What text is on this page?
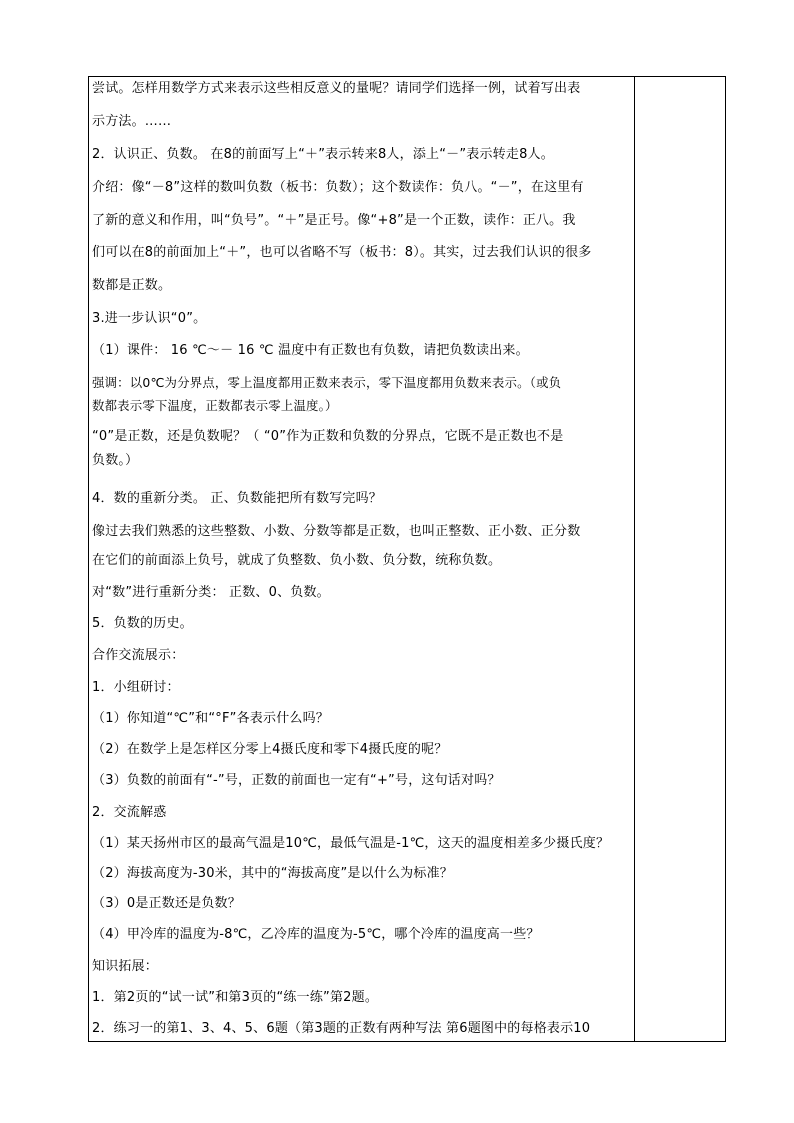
尝试。怎样用数学方式来表示这些相反意义的量呢？请同学们选择一例，试着写出表
示方法。……
2．认识正、负数。 在8的前面写上“＋”表示转来8人，添上“－”表示转走8人。
介绍：像“－8”这样的数叫负数（板书：负数）；这个数读作：负八。“－”，在这里有
了新的意义和作用，叫“负号”。“＋”是正号。像“+8”是一个正数，读作：正八。我
们可以在8的前面加上“＋”，也可以省略不写（板书：8）。其实，过去我们认识的很多
数都是正数。
3.进一步认识“0”。
（1）课件： 16 ℃～－ 16 ℃ 温度中有正数也有负数，请把负数读出来。
强调：以0℃为分界点，零上温度都用正数来表示，零下温度都用负数来表示。（或负
数都表示零下温度，正数都表示零上温度。）
“0”是正数，还是负数呢？（ “0”作为正数和负数的分界点，它既不是正数也不是
负数。）
4．数的重新分类。 正、负数能把所有数写完吗？
像过去我们熟悉的这些整数、小数、分数等都是正数，也叫正整数、正小数、正分数
在它们的前面添上负号，就成了负整数、负小数、负分数，统称负数。
对“数”进行重新分类： 正数、0、负数。
5．负数的历史。
合作交流展示：
1．小组研讨：
（1）你知道“℃”和“°F”各表示什么吗？
（2）在数学上是怎样区分零上4摄氏度和零下4摄氏度的呢？
（3）负数的前面有“-”号，正数的前面也一定有“+”号，这句话对吗？
2．交流解惑
（1）某天扬州市区的最高气温是10℃，最低气温是-1℃，这天的温度相差多少摄氏度？
（2）海拔高度为-30米，其中的“海拔高度”是以什么为标准？
（3）0是正数还是负数？
（4）甲冷库的温度为-8℃，乙冷库的温度为-5℃，哪个冷库的温度高一些？
知识拓展：
1．第2页的“试一试”和第3页的“练一练”第2题。
2．练习一的第1、3、4、5、6题（第3题的正数有两种写法 第6题图中的每格表示10
